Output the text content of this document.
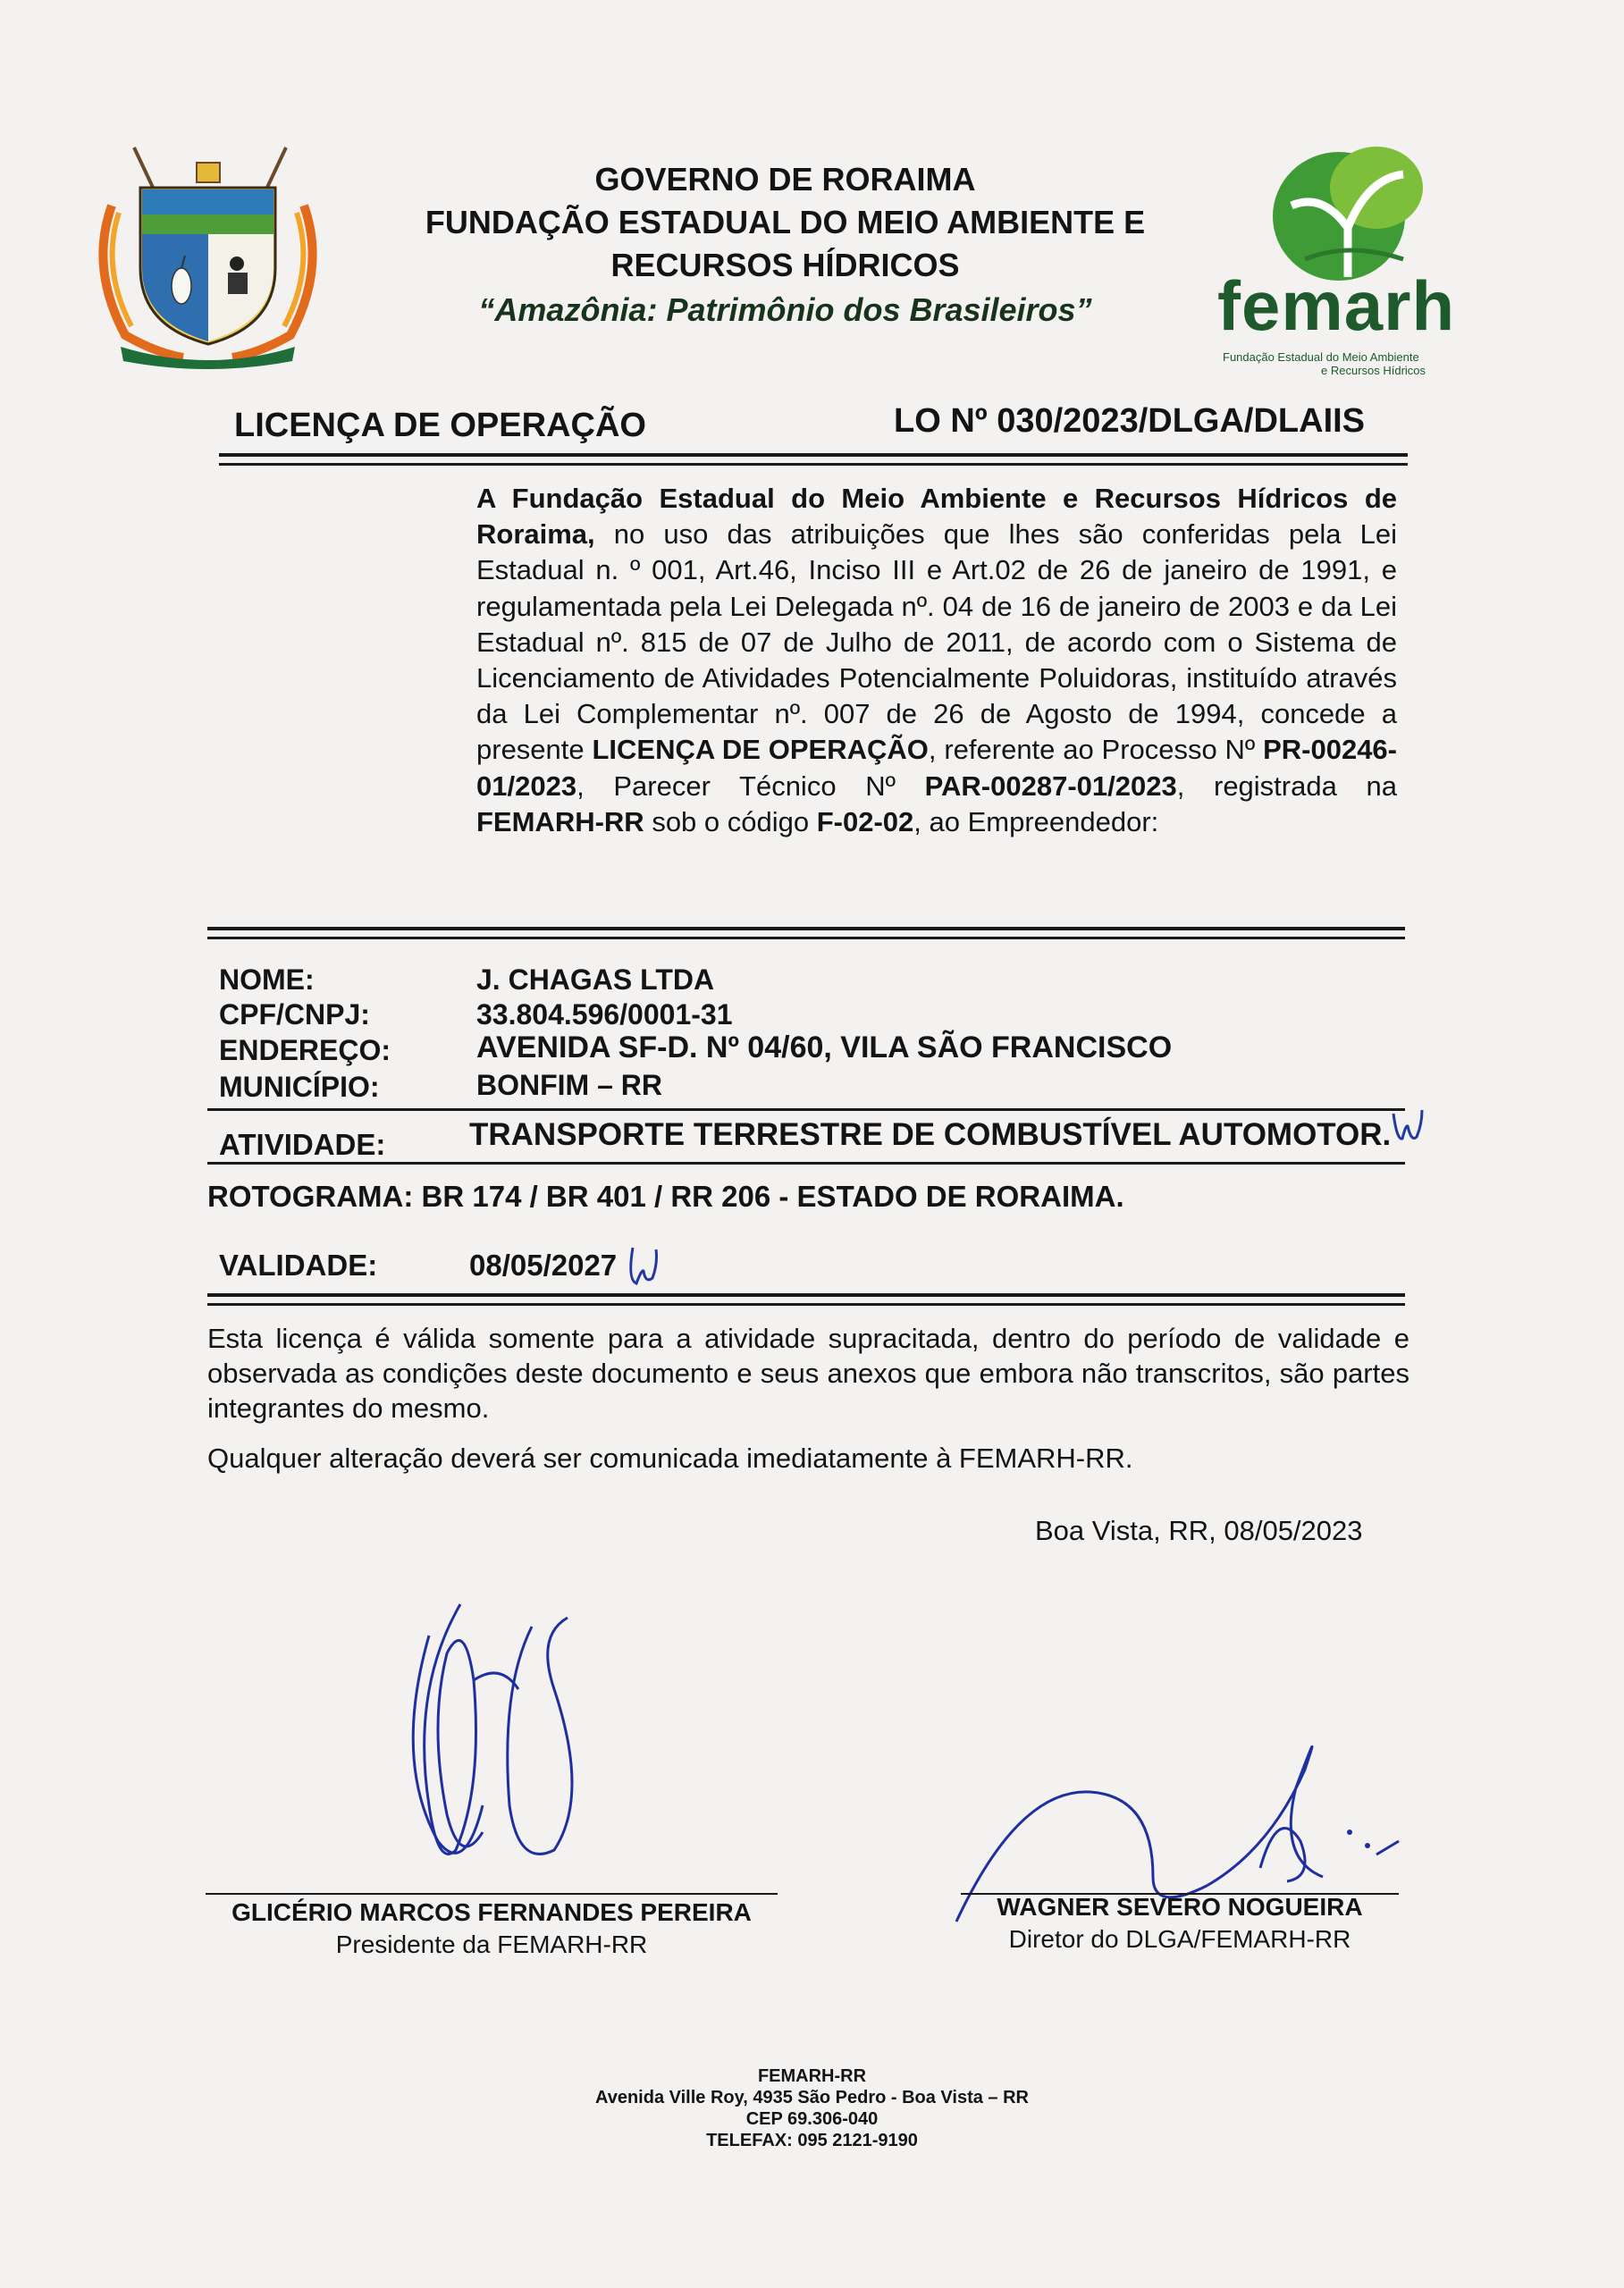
GOVERNO DE RORAIMA
FUNDAÇÃO ESTADUAL DO MEIO AMBIENTE E
RECURSOS HÍDRICOS
“Amazônia: Patrimônio dos Brasileiros”	femarh
Fundação Estadual do Meio Ambiente
e Recursos Hídricos
LICENÇA DE OPERAÇÃO	LO Nº 030/2023/DLGA/DLAIIS
A Fundação Estadual do Meio Ambiente e Recursos Hídricos de Roraima, no uso das atribuições que lhes são conferidas pela Lei Estadual n. º 001, Art.46, Inciso III e Art.02 de 26 de janeiro de 1991, e regulamentada pela Lei Delegada nº. 04 de 16 de janeiro de 2003 e da Lei Estadual nº. 815 de 07 de Julho de 2011, de acordo com o Sistema de Licenciamento de Atividades Potencialmente Poluidoras, instituído através da Lei Complementar nº. 007 de 26 de Agosto de 1994, concede a presente LICENÇA DE OPERAÇÃO, referente ao Processo Nº PR-00246-01/2023, Parecer Técnico Nº PAR-00287-01/2023, registrada na FEMARH-RR sob o código F-02-02, ao Empreendedor:
NOME:	J. CHAGAS LTDA
CPF/CNPJ:	33.804.596/0001-31
ENDEREÇO:	AVENIDA SF-D. Nº 04/60, VILA SÃO FRANCISCO
MUNICÍPIO:	BONFIM – RR
ATIVIDADE:	TRANSPORTE TERRESTRE DE COMBUSTÍVEL AUTOMOTOR.
ROTOGRAMA: BR 174 / BR 401 / RR 206 - ESTADO DE RORAIMA.
VALIDADE:	08/05/2027
Esta licença é válida somente para a atividade supracitada, dentro do período de validade e observada as condições deste documento e seus anexos que embora não transcritos, são partes integrantes do mesmo.
Qualquer alteração deverá ser comunicada imediatamente à FEMARH-RR.
Boa Vista, RR, 08/05/2023
GLICÉRIO MARCOS FERNANDES PEREIRA
Presidente da FEMARH-RR
WAGNER SEVERO NOGUEIRA
Diretor do DLGA/FEMARH-RR
FEMARH-RR
Avenida Ville Roy, 4935 São Pedro - Boa Vista – RR
CEP 69.306-040
TELEFAX: 095 2121-9190
